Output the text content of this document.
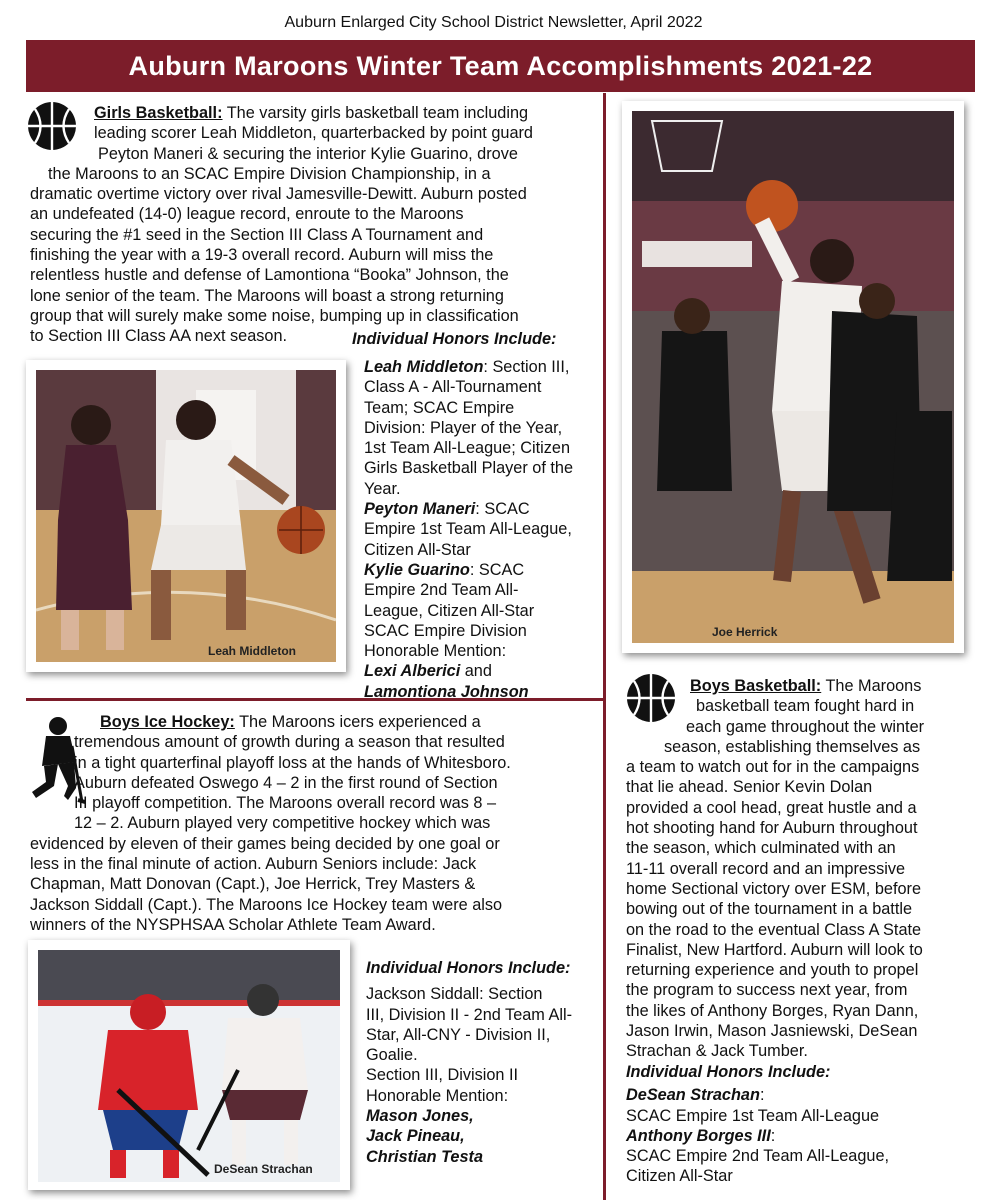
Auburn Enlarged City School District Newsletter, April 2022
Auburn Maroons Winter Team Accomplishments 2021-22
Girls Basketball: The varsity girls basketball team including
leading scorer Leah Middleton, quarterbacked by point guard
Peyton Maneri & securing the interior Kylie Guarino, drove
the Maroons to an SCAC Empire Division Championship, in a
dramatic overtime victory over rival Jamesville-Dewitt. Auburn posted
an undefeated (14-0) league record, enroute to the Maroons
securing the #1 seed in the Section III Class A Tournament and
finishing the year with a 19-3 overall record. Auburn will miss the
relentless hustle and defense of Lamontiona “Booka” Johnson, the
lone senior of the team. The Maroons will boast a strong returning
group that will surely make some noise, bumping up in classification
to Section III Class AA next season.	Individual Honors Include:
Leah Middleton: Section III,
Class A - All-Tournament
Team; SCAC Empire
Division: Player of the Year,
1st Team All-League; Citizen
Girls Basketball Player of the
Year.
Peyton Maneri: SCAC
Empire 1st Team All-League,
Citizen All-Star
Kylie Guarino: SCAC
Empire 2nd Team All-
League, Citizen All-Star
SCAC Empire Division
Honorable Mention:
Lexi Alberici and
Lamontiona Johnson
Leah Middleton
Boys Ice Hockey: The Maroons icers experienced a
tremendous amount of growth during a season that resulted
in a tight quarterfinal playoff loss at the hands of Whitesboro.
Auburn defeated Oswego 4 – 2 in the first round of Section
III playoff competition. The Maroons overall record was 8 –
12 – 2. Auburn played very competitive hockey which was
evidenced by eleven of their games being decided by one goal or
less in the final minute of action. Auburn Seniors include: Jack
Chapman, Matt Donovan (Capt.), Joe Herrick, Trey Masters &
Jackson Siddall (Capt.). The Maroons Ice Hockey team were also
winners of the NYSPHSAA Scholar Athlete Team Award.
DeSean Strachan
Individual Honors Include:
Jackson Siddall: Section
III, Division II - 2nd Team All-
Star, All-CNY - Division II,
Goalie.
Section III, Division II
Honorable Mention:
Mason Jones,
Jack Pineau,
Christian Testa
Joe Herrick
Boys Basketball: The Maroons
basketball team fought hard in
each game throughout the winter
season, establishing themselves as
a team to watch out for in the campaigns
that lie ahead. Senior Kevin Dolan
provided a cool head, great hustle and a
hot shooting hand for Auburn throughout
the season, which culminated with an
11-11 overall record and an impressive
home Sectional victory over ESM, before
bowing out of the tournament in a battle
on the road to the eventual Class A State
Finalist, New Hartford. Auburn will look to
returning experience and youth to propel
the program to success next year, from
the likes of Anthony Borges, Ryan Dann,
Jason Irwin, Mason Jasniewski, DeSean
Strachan & Jack Tumber.
Individual Honors Include:
DeSean Strachan:
SCAC Empire 1st Team All-League
Anthony Borges III:
SCAC Empire 2nd Team All-League,
Citizen All-Star
